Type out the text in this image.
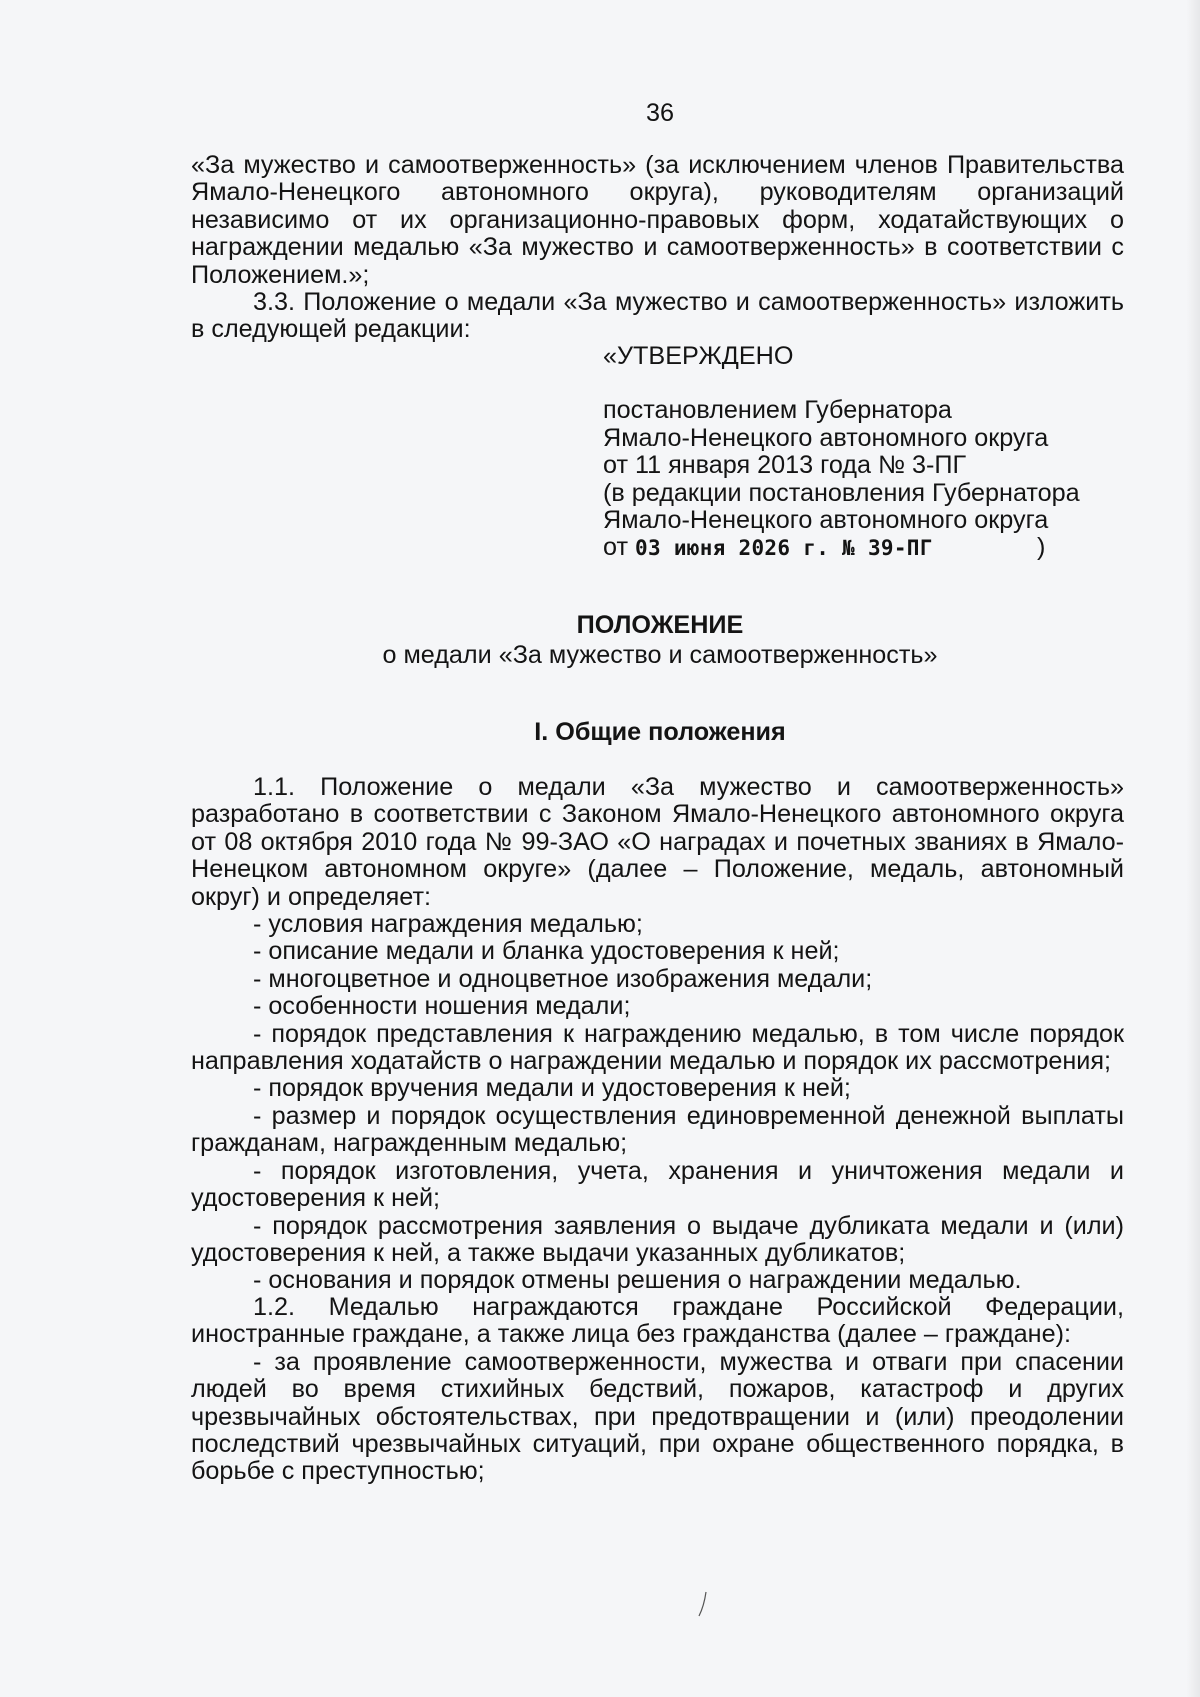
36

«За мужество и самоотверженность» (за исключением членов Правительства Ямало-Ненецкого автономного округа), руководителям организаций независимо от их организационно-правовых форм, ходатайствующих о награждении медалью «За мужество и самоотверженность» в соответствии с Положением.»;

3.3. Положение о медали «За мужество и самоотверженность» изложить в следующей редакции:

«УТВЕРЖДЕНО

постановлением Губернатора

Ямало-Ненецкого автономного округа

от 11 января 2013 года № 3-ПГ

(в редакции постановления Губернатора

Ямало-Ненецкого автономного округа

от 03 июня 2026 г. № 39-ПГ	)

ПОЛОЖЕНИЕ
о медали «За мужество и самоотверженность»
I. Общие положения

1.1. Положение о медали «За мужество и самоотверженность» разработано в соответствии с Законом Ямало-Ненецкого автономного округа от 08 октября 2010 года № 99-ЗАО «О наградах и почетных званиях в Ямало-Ненецком автономном округе» (далее – Положение, медаль, автономный округ) и определяет:

- условия награждения медалью;

- описание медали и бланка удостоверения к ней;

- многоцветное и одноцветное изображения медали;

- особенности ношения медали;

- порядок представления к награждению медалью, в том числе порядок направления ходатайств о награждении медалью и порядок их рассмотрения;

- порядок вручения медали и удостоверения к ней;

- размер и порядок осуществления единовременной денежной выплаты гражданам, награжденным медалью;

- порядок изготовления, учета, хранения и уничтожения медали и удостоверения к ней;

- порядок рассмотрения заявления о выдаче дубликата медали и (или) удостоверения к ней, а также выдачи указанных дубликатов;

- основания и порядок отмены решения о награждении медалью.

1.2. Медалью награждаются граждане Российской Федерации, иностранные граждане, а также лица без гражданства (далее – граждане):

- за проявление самоотверженности, мужества и отваги при спасении людей во время стихийных бедствий, пожаров, катастроф и других чрезвычайных обстоятельствах, при предотвращении и (или) преодолении последствий чрезвычайных ситуаций, при охране общественного порядка, в борьбе с преступностью;
